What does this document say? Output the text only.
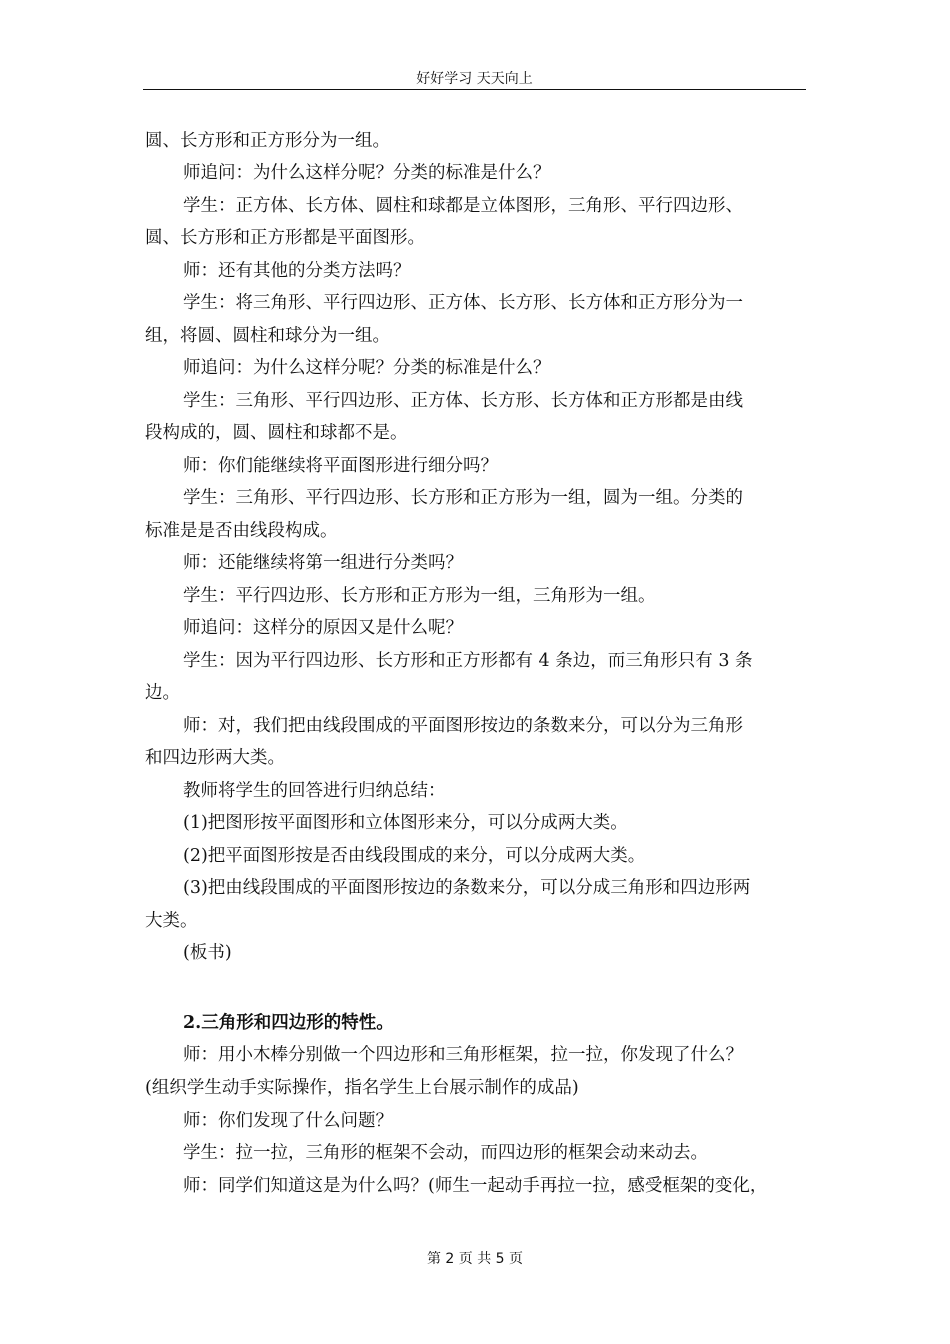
好好学习 天天向上
圆、长方形和正方形分为一组。
师追问：为什么这样分呢？分类的标准是什么？
学生：正方体、长方体、圆柱和球都是立体图形，三角形、平行四边形、
圆、长方形和正方形都是平面图形。
师：还有其他的分类方法吗？
学生：将三角形、平行四边形、正方体、长方形、长方体和正方形分为一
组，将圆、圆柱和球分为一组。
师追问：为什么这样分呢？分类的标准是什么？
学生：三角形、平行四边形、正方体、长方形、长方体和正方形都是由线
段构成的，圆、圆柱和球都不是。
师：你们能继续将平面图形进行细分吗？
学生：三角形、平行四边形、长方形和正方形为一组，圆为一组。分类的
标准是是否由线段构成。
师：还能继续将第一组进行分类吗？
学生：平行四边形、长方形和正方形为一组，三角形为一组。
师追问：这样分的原因又是什么呢？
学生：因为平行四边形、长方形和正方形都有 4 条边，而三角形只有 3 条
边。
师：对，我们把由线段围成的平面图形按边的条数来分，可以分为三角形
和四边形两大类。
教师将学生的回答进行归纳总结：
(1)把图形按平面图形和立体图形来分，可以分成两大类。
(2)把平面图形按是否由线段围成的来分，可以分成两大类。
(3)把由线段围成的平面图形按边的条数来分，可以分成三角形和四边形两
大类。
(板书)
2.三角形和四边形的特性。
师：用小木棒分别做一个四边形和三角形框架，拉一拉，你发现了什么？
(组织学生动手实际操作，指名学生上台展示制作的成品)
师：你们发现了什么问题？
学生：拉一拉，三角形的框架不会动，而四边形的框架会动来动去。
师：同学们知道这是为什么吗？(师生一起动手再拉一拉，感受框架的变化，
第 2 页 共 5 页
